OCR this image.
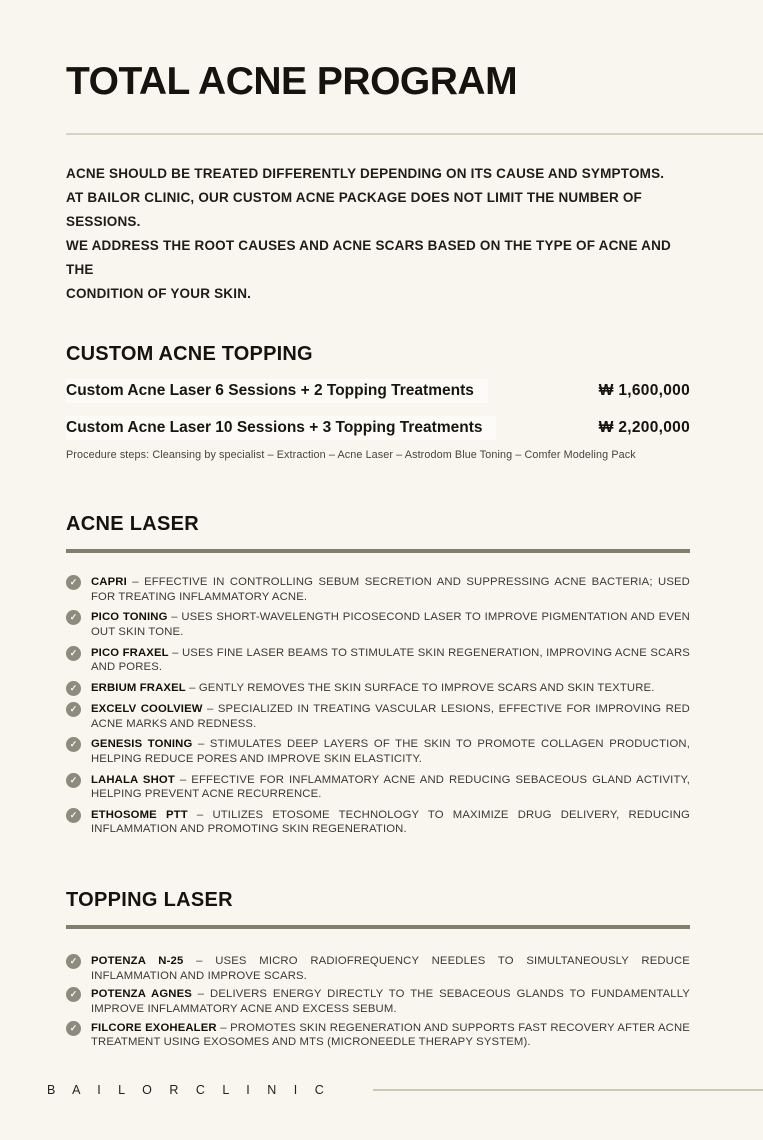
TOTAL ACNE PROGRAM
ACNE SHOULD BE TREATED DIFFERENTLY DEPENDING ON ITS CAUSE AND SYMPTOMS.
AT BAILOR CLINIC, OUR CUSTOM ACNE PACKAGE DOES NOT LIMIT THE NUMBER OF SESSIONS.
WE ADDRESS THE ROOT CAUSES AND ACNE SCARS BASED ON THE TYPE OF ACNE AND THE
CONDITION OF YOUR SKIN.
CUSTOM ACNE TOPPING
Custom Acne Laser 6 Sessions + 2 Topping Treatments	₩ 1,600,000
Custom Acne Laser 10 Sessions + 3 Topping Treatments	₩ 2,200,000
Procedure steps: Cleansing by specialist – Extraction – Acne Laser – Astrodom Blue Toning – Comfer Modeling Pack
ACNE LASER
✓	CAPRI – EFFECTIVE IN CONTROLLING SEBUM SECRETION AND SUPPRESSING ACNE BACTERIA; USED FOR TREATING INFLAMMATORY ACNE.
✓	PICO TONING – USES SHORT-WAVELENGTH PICOSECOND LASER TO IMPROVE PIGMENTATION AND EVEN OUT SKIN TONE.
✓	PICO FRAXEL – USES FINE LASER BEAMS TO STIMULATE SKIN REGENERATION, IMPROVING ACNE SCARS AND PORES.
✓	ERBIUM FRAXEL – GENTLY REMOVES THE SKIN SURFACE TO IMPROVE SCARS AND SKIN TEXTURE.
✓	EXCELV COOLVIEW – SPECIALIZED IN TREATING VASCULAR LESIONS, EFFECTIVE FOR IMPROVING RED ACNE MARKS AND REDNESS.
✓	GENESIS TONING – STIMULATES DEEP LAYERS OF THE SKIN TO PROMOTE COLLAGEN PRODUCTION, HELPING REDUCE PORES AND IMPROVE SKIN ELASTICITY.
✓	LAHALA SHOT – EFFECTIVE FOR INFLAMMATORY ACNE AND REDUCING SEBACEOUS GLAND ACTIVITY, HELPING PREVENT ACNE RECURRENCE.
✓	ETHOSOME PTT – UTILIZES ETOSOME TECHNOLOGY TO MAXIMIZE DRUG DELIVERY, REDUCING INFLAMMATION AND PROMOTING SKIN REGENERATION.
TOPPING LASER
✓	POTENZA N-25 – USES MICRO RADIOFREQUENCY NEEDLES TO SIMULTANEOUSLY REDUCE INFLAMMATION AND IMPROVE SCARS.
✓	POTENZA AGNES – DELIVERS ENERGY DIRECTLY TO THE SEBACEOUS GLANDS TO FUNDAMENTALLY IMPROVE INFLAMMATORY ACNE AND EXCESS SEBUM.
✓	FILCORE EXOHEALER – PROMOTES SKIN REGENERATION AND SUPPORTS FAST RECOVERY AFTER ACNE TREATMENT USING EXOSOMES AND MTS (MICRONEEDLE THERAPY SYSTEM).
B A I L O R C L I N I C
